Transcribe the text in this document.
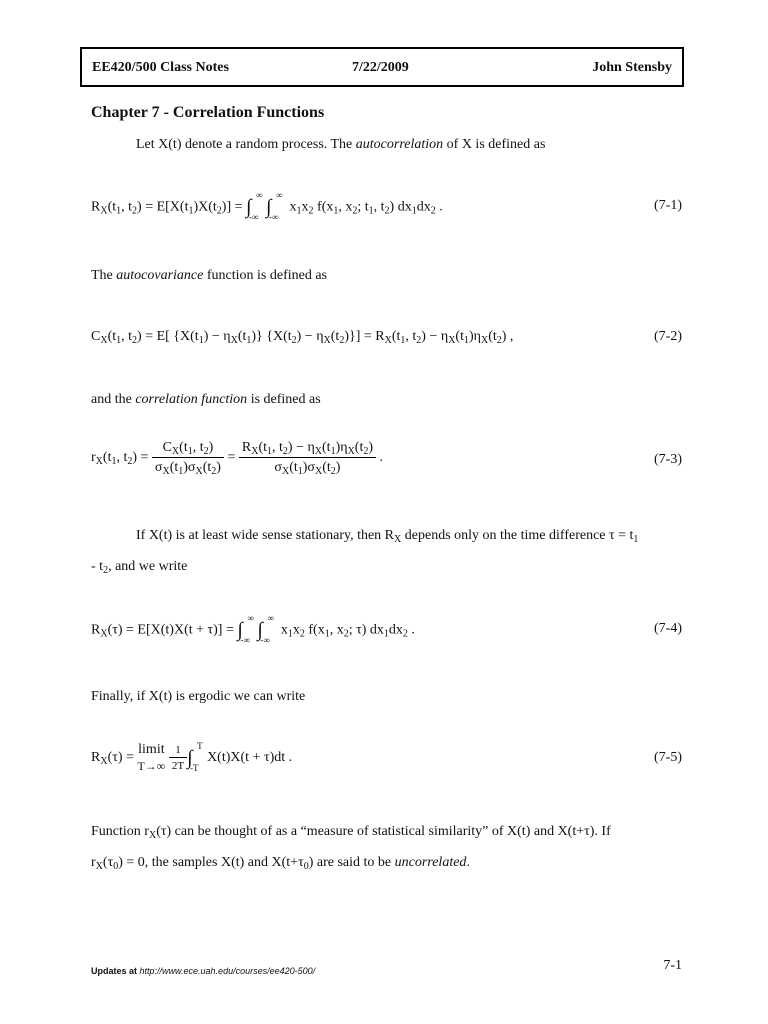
EE420/500 Class Notes	7/22/2009	John Stensby
Chapter 7 - Correlation Functions
Let X(t) denote a random process. The autocorrelation of X is defined as
$R_X(t_1$, $t_2) = E[X(t_1)X(t_2)]$ = ∫
∞
-∞ ∫
∞
-∞
$x_1x_2$ $f(x_1$, $x_2$; $t_1$, $t_2$) $dx_1dx_2$ .	(7-1)
The autocovariance function is defined as
$C_X(t_1$, $t_2) = E$[ $\{X(t_1) - \eta_X(t_1)\} \{X(t_2) - \eta_X(t_2)\}] = R_X(t_1$, $t_2) - \eta_X(t_1)\eta_X(t_2)$ ,	(7-2)
and the correlation function is defined as
$r_X(t_1$, $t_2) = \frac{C_X(t_1, t_2)}{\sigma_X(t_1)\sigma_X(t_2)} = \frac{R_X(t_1, t_2) - \eta_X(t_1)\eta_X(t_2)}{\sigma_X(t_1)\sigma_X(t_2)}$ .	(7-3)
If X(t) is at least wide sense stationary, then $R_X$ depends only on the time difference $\tau = t_1$
- $t_2$, and we write
$R_X(\tau) = E[X(t)X(t + \tau)]$ = ∫
∞
-∞ ∫
∞
-∞
$x_1x_2$ $f(x_1$, $x_2$; τ) $dx_1dx_2$ .	(7-4)
Finally, if X(t) is ergodic we can write
$R_X(\tau)$ = limit
T→∞
$\frac{1}{2T}$ ∫
T
-T
X(t)X(t + τ)dt .	(7-5)
Function $r_X(\tau)$ can be thought of as a “measure of statistical similarity” of X(t) and X(t+τ). If
$r_X(\tau_0) = 0$, the samples X(t) and $X(t+\tau_0)$ are said to be uncorrelated.
Updates at http://www.ece.uah.edu/courses/ee420-500/	7-1
